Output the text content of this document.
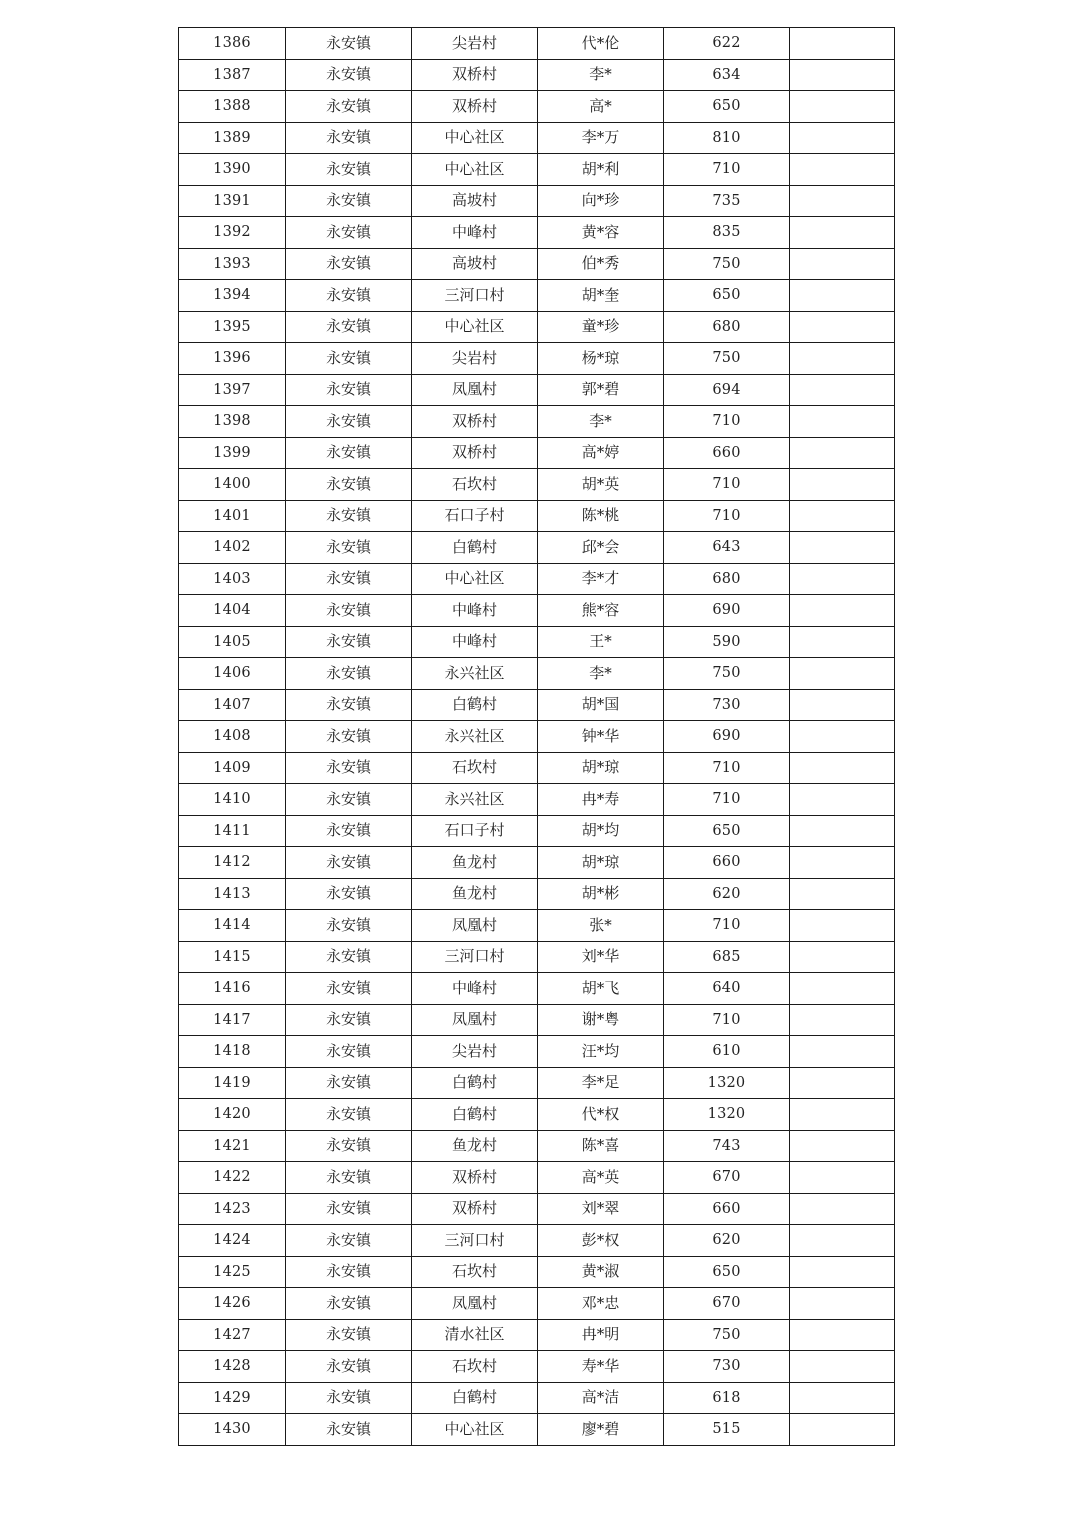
1386	永安镇	尖岩村	代*伦	622	
1387	永安镇	双桥村	李*	634	
1388	永安镇	双桥村	高*	650	
1389	永安镇	中心社区	李*万	810	
1390	永安镇	中心社区	胡*利	710	
1391	永安镇	高坡村	向*珍	735	
1392	永安镇	中峰村	黄*容	835	
1393	永安镇	高坡村	伯*秀	750	
1394	永安镇	三河口村	胡*奎	650	
1395	永安镇	中心社区	童*珍	680	
1396	永安镇	尖岩村	杨*琼	750	
1397	永安镇	凤凰村	郭*碧	694	
1398	永安镇	双桥村	李*	710	
1399	永安镇	双桥村	高*婷	660	
1400	永安镇	石坎村	胡*英	710	
1401	永安镇	石口子村	陈*桃	710	
1402	永安镇	白鹤村	邱*会	643	
1403	永安镇	中心社区	李*才	680	
1404	永安镇	中峰村	熊*容	690	
1405	永安镇	中峰村	王*	590	
1406	永安镇	永兴社区	李*	750	
1407	永安镇	白鹤村	胡*国	730	
1408	永安镇	永兴社区	钟*华	690	
1409	永安镇	石坎村	胡*琼	710	
1410	永安镇	永兴社区	冉*寿	710	
1411	永安镇	石口子村	胡*均	650	
1412	永安镇	鱼龙村	胡*琼	660	
1413	永安镇	鱼龙村	胡*彬	620	
1414	永安镇	凤凰村	张*	710	
1415	永安镇	三河口村	刘*华	685	
1416	永安镇	中峰村	胡*飞	640	
1417	永安镇	凤凰村	谢*粤	710	
1418	永安镇	尖岩村	汪*均	610	
1419	永安镇	白鹤村	李*足	1320	
1420	永安镇	白鹤村	代*权	1320	
1421	永安镇	鱼龙村	陈*喜	743	
1422	永安镇	双桥村	高*英	670	
1423	永安镇	双桥村	刘*翠	660	
1424	永安镇	三河口村	彭*权	620	
1425	永安镇	石坎村	黄*淑	650	
1426	永安镇	凤凰村	邓*忠	670	
1427	永安镇	清水社区	冉*明	750	
1428	永安镇	石坎村	寿*华	730	
1429	永安镇	白鹤村	高*洁	618	
1430	永安镇	中心社区	廖*碧	515	
